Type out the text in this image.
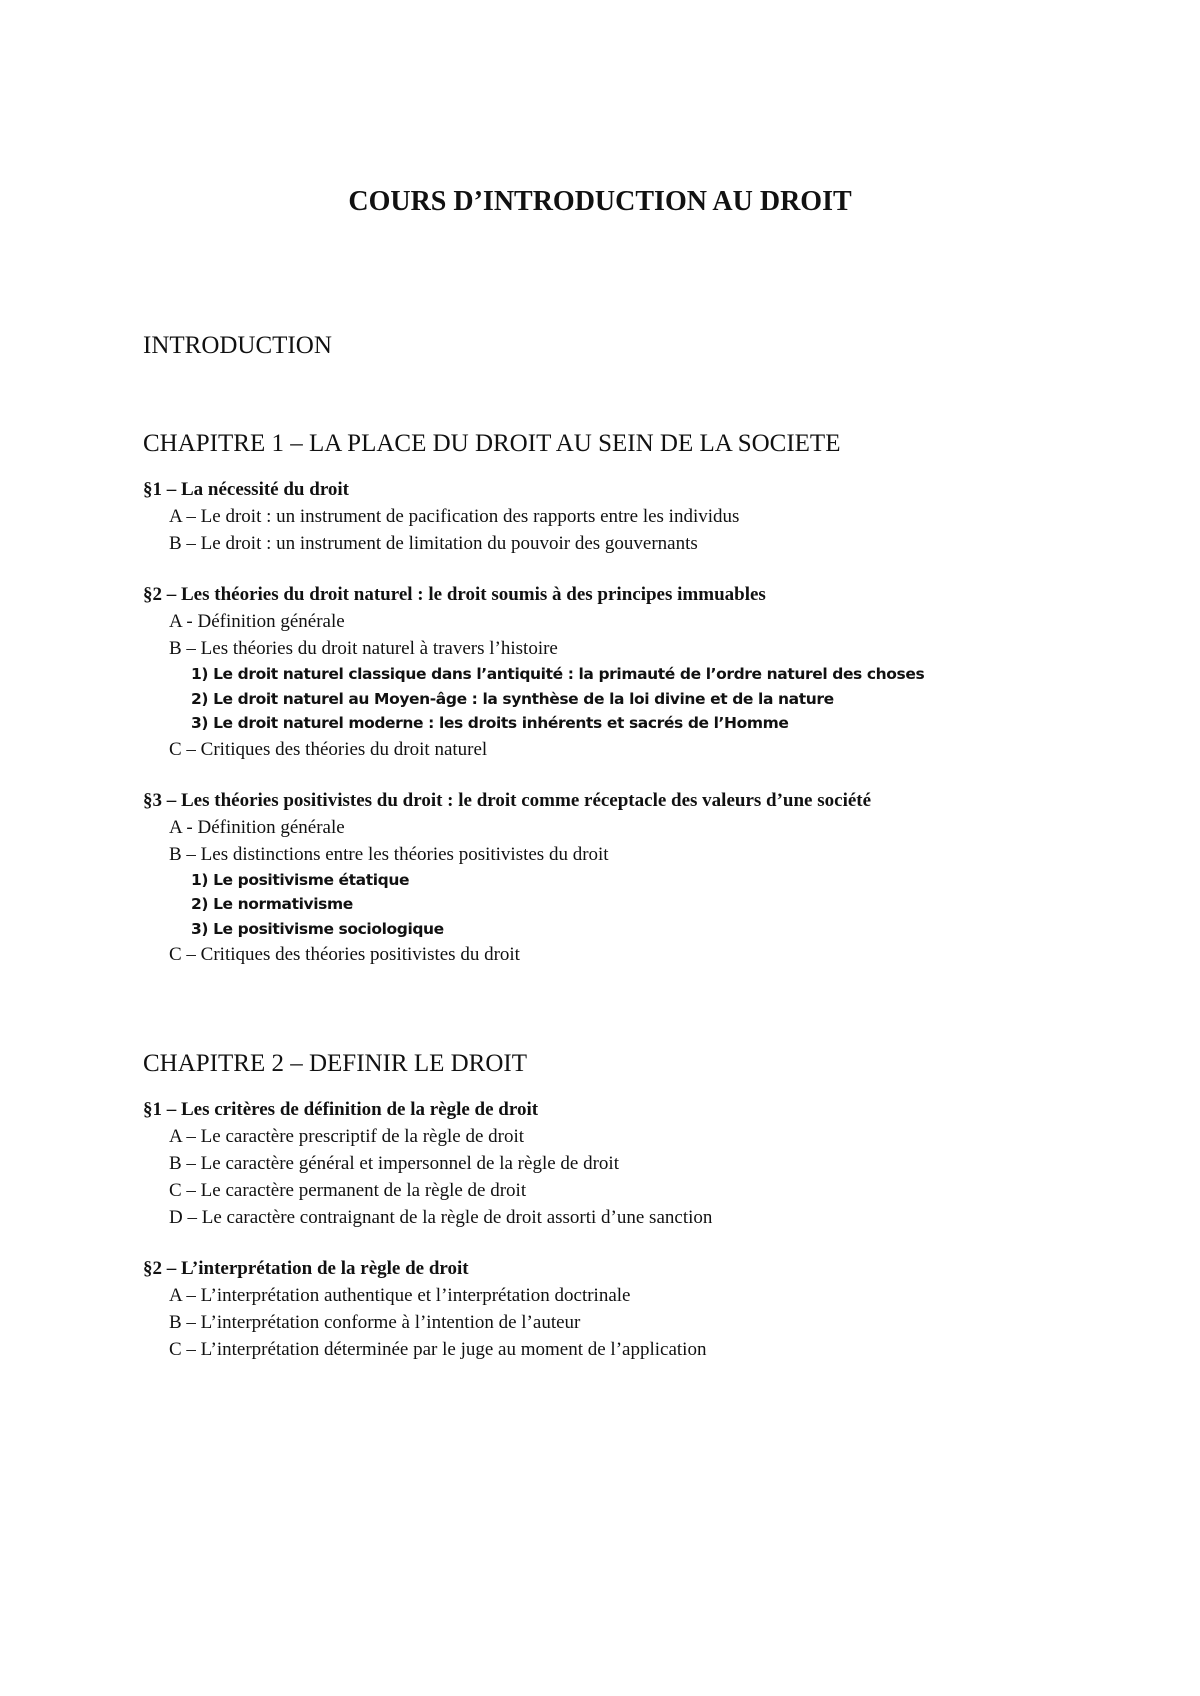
COURS D’INTRODUCTION AU DROIT
INTRODUCTION
CHAPITRE 1 – LA PLACE DU DROIT AU SEIN DE LA SOCIETE

§1 – La nécessité du droit

A – Le droit : un instrument de pacification des rapports entre les individus

B – Le droit : un instrument de limitation du pouvoir des gouvernants

§2 – Les théories du droit naturel : le droit soumis à des principes immuables

A - Définition générale

B – Les théories du droit naturel à travers l’histoire

1) Le droit naturel classique dans l’antiquité : la primauté de l’ordre naturel des choses

2) Le droit naturel au Moyen-âge : la synthèse de la loi divine et de la nature

3) Le droit naturel moderne : les droits inhérents et sacrés de l’Homme

C – Critiques des théories du droit naturel

§3 – Les théories positivistes du droit : le droit comme réceptacle des valeurs d’une société

A - Définition générale

B – Les distinctions entre les théories positivistes du droit

1) Le positivisme étatique

2) Le normativisme

3) Le positivisme sociologique

C – Critiques des théories positivistes du droit

CHAPITRE 2 – DEFINIR LE DROIT

§1 – Les critères de définition de la règle de droit

A – Le caractère prescriptif de la règle de droit

B – Le caractère général et impersonnel de la règle de droit

C – Le caractère permanent de la règle de droit

D – Le caractère contraignant de la règle de droit assorti d’une sanction

§2 – L’interprétation de la règle de droit

A – L’interprétation authentique et l’interprétation doctrinale

B – L’interprétation conforme à l’intention de l’auteur

C – L’interprétation déterminée par le juge au moment de l’application
